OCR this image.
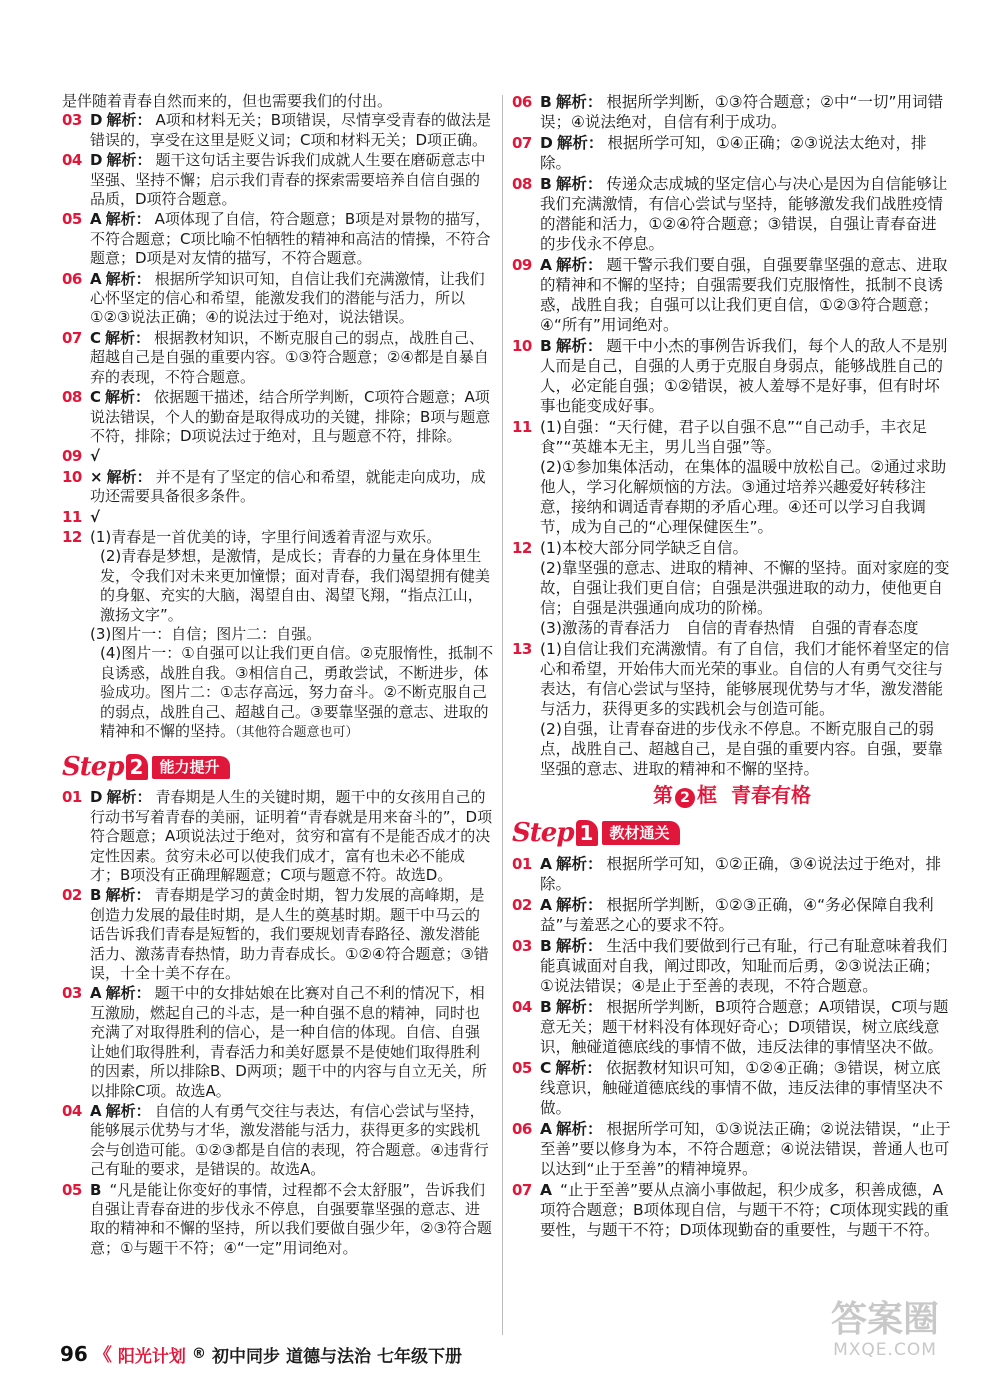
是伴随着青春自然而来的，但也需要我们的付出。

03 D 解析： A项和材料无关；B项错误，尽情享受青春的做法是错误的，享受在这里是贬义词；C项和材料无关；D项正确。
04 D 解析： 题干这句话主要告诉我们成就人生要在磨砺意志中坚强、坚持不懈；启示我们青春的探索需要培养自信自强的品质，D项符合题意。
05 A 解析： A项体现了自信，符合题意；B项是对景物的描写，不符合题意；C项比喻不怕牺牲的精神和高洁的情操，不符合题意；D项是对友情的描写，不符合题意。
06 A 解析： 根据所学知识可知，自信让我们充满激情，让我们心怀坚定的信心和希望，能激发我们的潜能与活力，所以①②③说法正确；④的说法过于绝对，说法错误。
07 C 解析： 根据教材知识，不断克服自己的弱点，战胜自己、超越自己是自强的重要内容。①③符合题意；②④都是自暴自弃的表现，不符合题意。
08 C 解析： 依据题干描述，结合所学判断，C项符合题意；A项说法错误，个人的勤奋是取得成功的关键，排除；B项与题意不符，排除；D项说法过于绝对，且与题意不符，排除。
09 √
10 × 解析： 并不是有了坚定的信心和希望，就能走向成功，成功还需要具备很多条件。
11 √
12 (1)青春是一首优美的诗，字里行间透着青涩与欢乐。

(2)青春是梦想，是激情，是成长；青春的力量在身体里生发，令我们对未来更加憧憬；面对青春，我们渴望拥有健美的身躯、充实的大脑，渴望自由、渴望飞翔，“指点江山，激扬文字”。

(3)图片一：自信；图片二：自强。

(4)图片一：①自强可以让我们更自信。②克服惰性，抵制不良诱惑，战胜自我。③相信自己，勇敢尝试，不断进步，体验成功。图片二：①志存高远，努力奋斗。②不断克服自己的弱点，战胜自己、超越自己。③要靠坚强的意志、进取的精神和不懈的坚持。（其他符合题意也可）

Step 2	能力提升
01 D 解析： 青春期是人生的关键时期，题干中的女孩用自己的行动书写着青春的美丽，证明着“青春就是用来奋斗的”，D项符合题意；A项说法过于绝对，贫穷和富有不是能否成才的决定性因素。贫穷未必可以使我们成才，富有也未必不能成才；B项没有正确理解题意；C项与题意不符。故选D。
02 B 解析： 青春期是学习的黄金时期，智力发展的高峰期，是创造力发展的最佳时期，是人生的奠基时期。题干中马云的话告诉我们青春是短暂的，我们要规划青春路径、激发潜能活力、激荡青春热情，助力青春成长。①②④符合题意；③错误，十全十美不存在。
03 A 解析： 题干中的女排姑娘在比赛对自己不利的情况下，相互激励，燃起自己的斗志，是一种自强不息的精神，同时也充满了对取得胜利的信心，是一种自信的体现。自信、自强让她们取得胜利，青春活力和美好愿景不是使她们取得胜利的因素，所以排除B、D两项；题干中的内容与自立无关，所以排除C项。故选A。
04 A 解析： 自信的人有勇气交往与表达，有信心尝试与坚持，能够展示优势与才华，激发潜能与活力，获得更多的实践机会与创造可能。①②③都是自信的表现，符合题意。④违背行己有耻的要求，是错误的。故选A。
05 B “凡是能让你变好的事情，过程都不会太舒服”，告诉我们自强让青春奋进的步伐永不停息，自强要靠坚强的意志、进取的精神和不懈的坚持，所以我们要做自强少年，②③符合题意；①与题干不符；④“一定”用词绝对。
06 B 解析： 根据所学判断，①③符合题意；②中“一切”用词错误；④说法绝对，自信有利于成功。
07 D 解析： 根据所学可知，①④正确；②③说法太绝对，排除。
08 B 解析： 传递众志成城的坚定信心与决心是因为自信能够让我们充满激情，有信心尝试与坚持，能够激发我们战胜疫情的潜能和活力，①②④符合题意；③错误，自强让青春奋进的步伐永不停息。
09 A 解析： 题干警示我们要自强，自强要靠坚强的意志、进取的精神和不懈的坚持；自强需要我们克服惰性，抵制不良诱惑，战胜自我；自强可以让我们更自信，①②③符合题意；④“所有”用词绝对。
10 B 解析： 题干中小杰的事例告诉我们，每个人的敌人不是别人而是自己，自强的人勇于克服自身弱点，能够战胜自己的人，必定能自强；①②错误，被人羞辱不是好事，但有时坏事也能变成好事。
11 (1)自强：“天行健，君子以自强不息”“自己动手，丰衣足食”“英雄本无主，男儿当自强”等。

(2)①参加集体活动，在集体的温暖中放松自己。②通过求助他人，学习化解烦恼的方法。③通过培养兴趣爱好转移注意，接纳和调适青春期的矛盾心理。④还可以学习自我调节，成为自己的“心理保健医生”。

12 (1)本校大部分同学缺乏自信。

(2)靠坚强的意志、进取的精神、不懈的坚持。面对家庭的变故，自强让我们更自信；自强是洪强进取的动力，使他更自信；自强是洪强通向成功的阶梯。

(3)激荡的青春活力　自信的青春热情　自强的青春态度

13 (1)自信让我们充满激情。有了自信，我们才能怀着坚定的信心和希望，开始伟大而光荣的事业。自信的人有勇气交往与表达，有信心尝试与坚持，能够展现优势与才华，激发潜能与活力，获得更多的实践机会与创造可能。

(2)自强，让青春奋进的步伐永不停息。不断克服自己的弱点，战胜自己、超越自己，是自强的重要内容。自强，要靠坚强的意志、进取的精神和不懈的坚持。

第 2 框 青春有格
Step 1	教材通关
01 A 解析： 根据所学可知，①②正确，③④说法过于绝对，排除。
02 A 解析： 根据所学判断，①②③正确，④“务必保障自我利益”与羞恶之心的要求不符。
03 B 解析： 生活中我们要做到行己有耻，行己有耻意味着我们能真诚面对自我，阐过即改，知耻而后勇，②③说法正确；①说法错误；④是止于至善的表现，不符合题意。
04 B 解析： 根据所学判断，B项符合题意；A项错误，C项与题意无关；题干材料没有体现好奇心；D项错误，树立底线意识，触碰道德底线的事情不做，违反法律的事情坚决不做。
05 C 解析： 依据教材知识可知，①②④正确；③错误，树立底线意识，触碰道德底线的事情不做，违反法律的事情坚决不做。
06 A 解析： 根据所学可知，①③说法正确；②说法错误，“止于至善”要以修身为本，不符合题意；④说法错误，普通人也可以达到“止于至善”的精神境界。
07 A “止于至善”要从点滴小事做起，积少成多，积善成德，A项符合题意；B项体现自信，与题干不符；C项体现实践的重要性，与题干不符；D项体现勤奋的重要性，与题干不符。
96 《 阳光计划 ® 初中同步 道德与法治 七年级下册
答案圈
MXQE.COM
